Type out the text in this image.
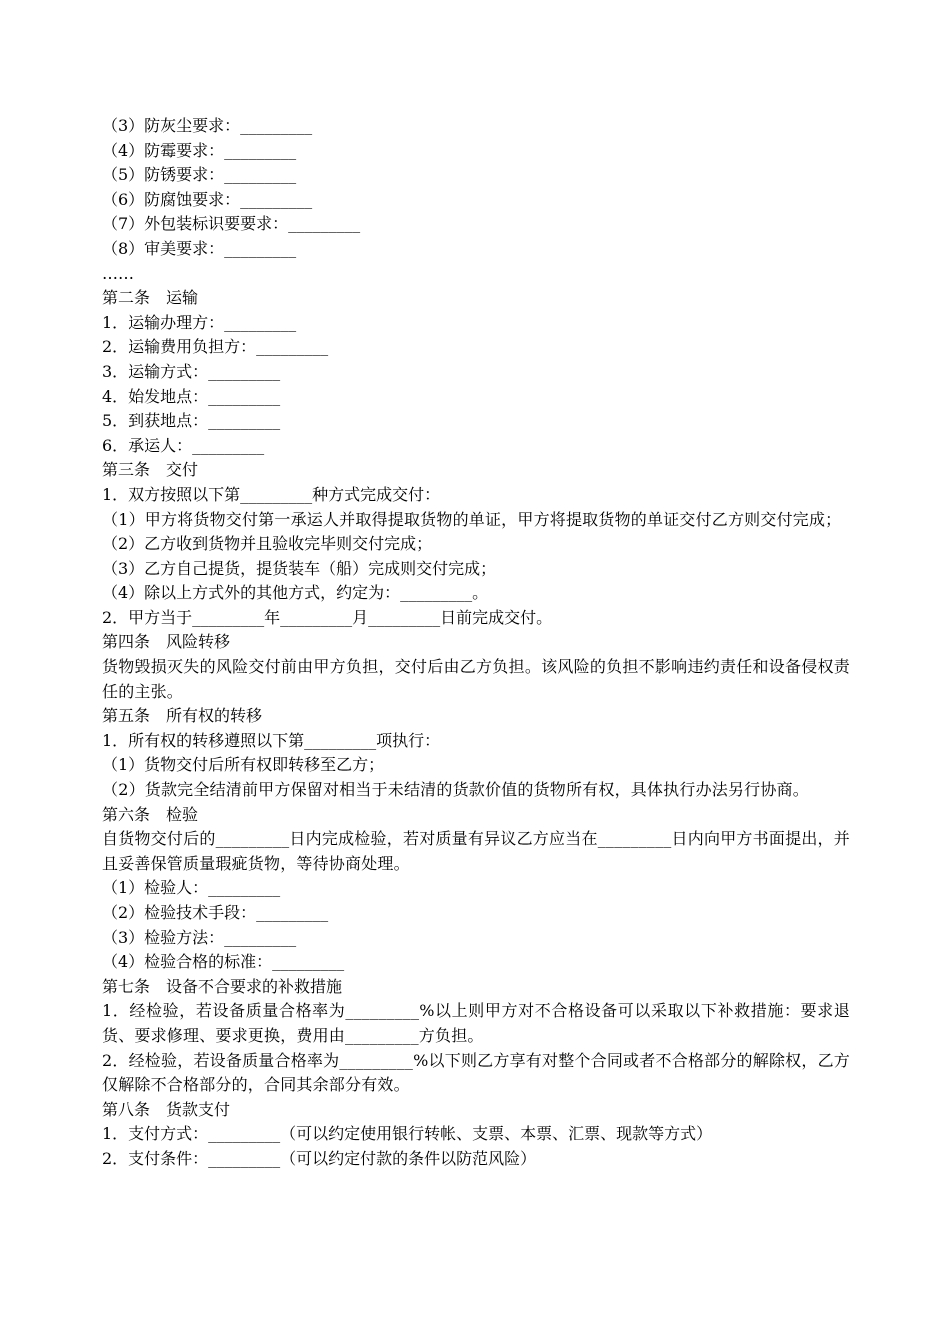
（3）防灰尘要求：_________

（4）防霉要求：_________

（5）防锈要求：_________

（6）防腐蚀要求：_________

（7）外包装标识要要求：_________

（8）审美要求：_________

……

第二条　运输

1．运输办理方：_________

2．运输费用负担方：_________

3．运输方式：_________

4．始发地点：_________

5．到获地点：_________

6．承运人：_________

第三条　交付

1．双方按照以下第_________种方式完成交付：

（1）甲方将货物交付第一承运人并取得提取货物的单证，甲方将提取货物的单证交付乙方则交付完成；

（2）乙方收到货物并且验收完毕则交付完成；

（3）乙方自己提货，提货装车（船）完成则交付完成；

（4）除以上方式外的其他方式，约定为：_________。

2．甲方当于_________年_________月_________日前完成交付。

第四条　风险转移

货物毁损灭失的风险交付前由甲方负担，交付后由乙方负担。该风险的负担不影响违约责任和设备侵权责任的主张。

第五条　所有权的转移

1．所有权的转移遵照以下第_________项执行：

（1）货物交付后所有权即转移至乙方；

（2）货款完全结清前甲方保留对相当于未结清的货款价值的货物所有权，具体执行办法另行协商。

第六条　检验

自货物交付后的_________日内完成检验，若对质量有异议乙方应当在_________日内向甲方书面提出，并且妥善保管质量瑕疵货物，等待协商处理。

（1）检验人：_________

（2）检验技术手段：_________

（3）检验方法：_________

（4）检验合格的标准：_________

第七条　设备不合要求的补救措施

1．经检验，若设备质量合格率为_________%以上则甲方对不合格设备可以采取以下补救措施：要求退货、要求修理、要求更换，费用由_________方负担。

2．经检验，若设备质量合格率为_________%以下则乙方享有对整个合同或者不合格部分的解除权，乙方仅解除不合格部分的，合同其余部分有效。

第八条　货款支付

1．支付方式：_________（可以约定使用银行转帐、支票、本票、汇票、现款等方式）

2．支付条件：_________（可以约定付款的条件以防范风险）
